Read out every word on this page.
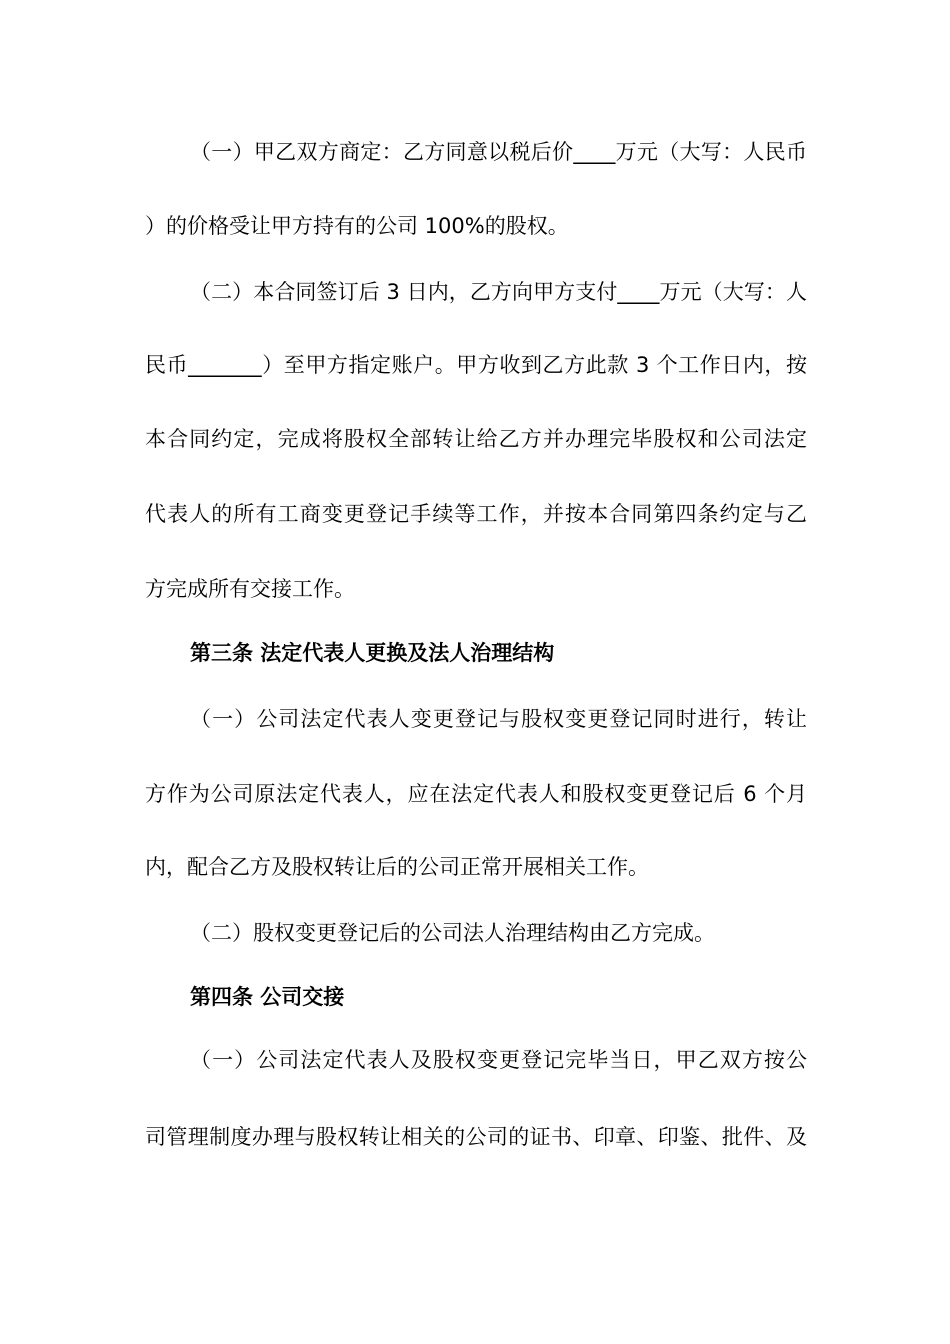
（一）甲乙双方商定：乙方同意以税后价____万元（大写：人民币
）的价格受让甲方持有的公司 100%的股权。
（二）本合同签订后 3 日内，乙方向甲方支付____万元（大写：人
民币_______）至甲方指定账户。甲方收到乙方此款 3 个工作日内，按
本合同约定，完成将股权全部转让给乙方并办理完毕股权和公司法定
代表人的所有工商变更登记手续等工作，并按本合同第四条约定与乙
方完成所有交接工作。
第三条 法定代表人更换及法人治理结构
（一）公司法定代表人变更登记与股权变更登记同时进行，转让
方作为公司原法定代表人，应在法定代表人和股权变更登记后 6 个月
内，配合乙方及股权转让后的公司正常开展相关工作。
（二）股权变更登记后的公司法人治理结构由乙方完成。
第四条 公司交接
（一）公司法定代表人及股权变更登记完毕当日，甲乙双方按公
司管理制度办理与股权转让相关的公司的证书、印章、印鉴、批件、及
